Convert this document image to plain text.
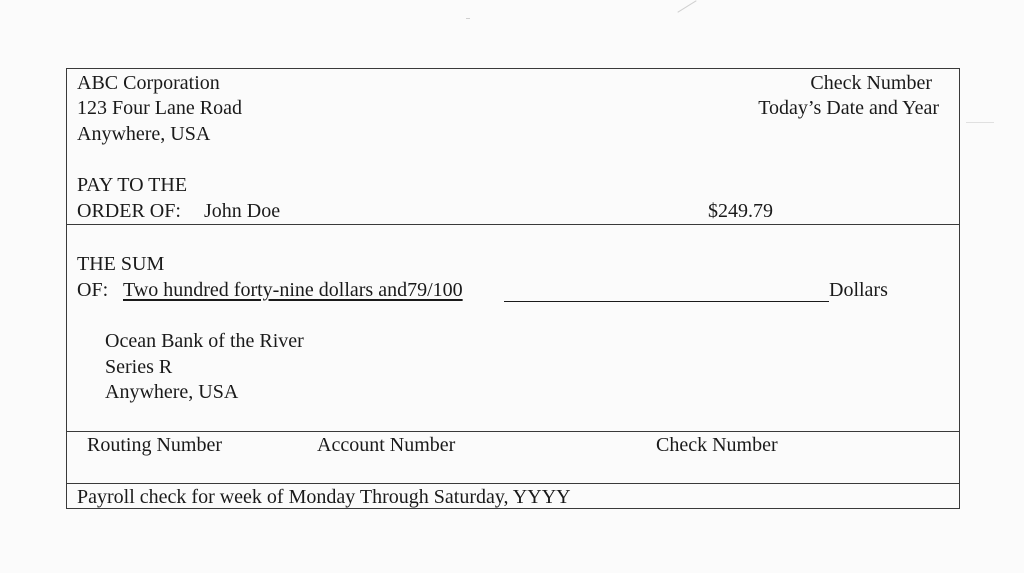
ABC Corporation
123 Four Lane Road
Anywhere, USA
Check Number
Today’s Date and Year
PAY TO THE
ORDER OF: John Doe	$249.79
THE SUM
OF: Two hundred forty-nine dollars and79/100	Dollars
Ocean Bank of the River
Series R
Anywhere, USA
Routing Number	Account Number	Check Number
Payroll check for week of Monday Through Saturday, YYYY
